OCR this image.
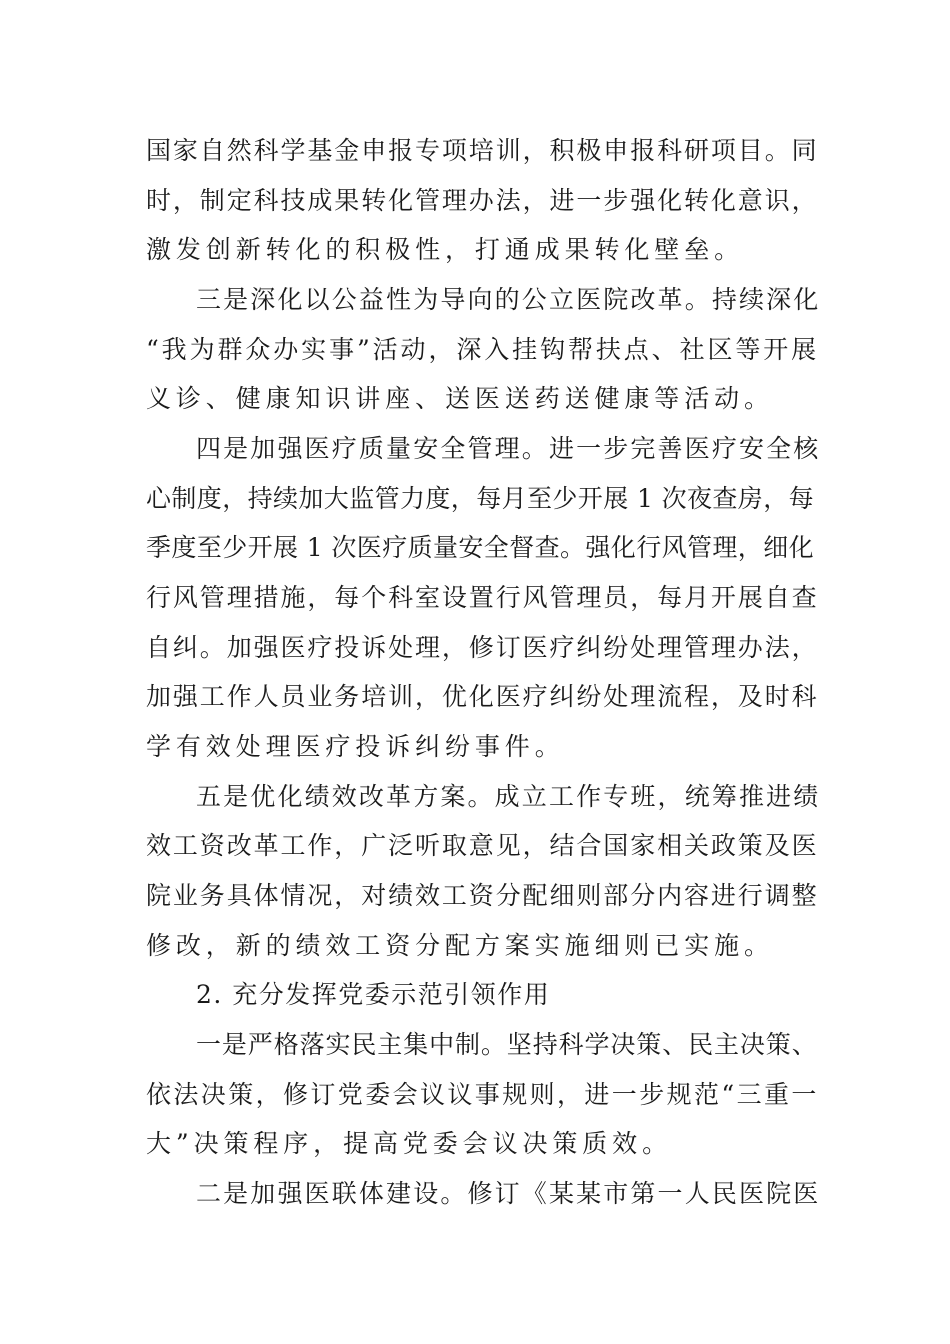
国家自然科学基金申报专项培训，积极申报科研项目。同
时，制定科技成果转化管理办法，进一步强化转化意识，
激发创新转化的积极性，打通成果转化壁垒。
三是深化以公益性为导向的公立医院改革。持续深化
“我为群众办实事”活动，深入挂钩帮扶点、社区等开展
义诊、健康知识讲座、送医送药送健康等活动。
四是加强医疗质量安全管理。进一步完善医疗安全核
心制度，持续加大监管力度，每月至少开展 1 次夜查房，每
季度至少开展 1 次医疗质量安全督查。强化行风管理，细化
行风管理措施，每个科室设置行风管理员，每月开展自查
自纠。加强医疗投诉处理，修订医疗纠纷处理管理办法，
加强工作人员业务培训，优化医疗纠纷处理流程，及时科
学有效处理医疗投诉纠纷事件。
五是优化绩效改革方案。成立工作专班，统筹推进绩
效工资改革工作，广泛听取意见，结合国家相关政策及医
院业务具体情况，对绩效工资分配细则部分内容进行调整
修改，新的绩效工资分配方案实施细则已实施。
2. 充分发挥党委示范引领作用
一是严格落实民主集中制。坚持科学决策、民主决策、
依法决策，修订党委会议议事规则，进一步规范“三重一
大”决策程序，提高党委会议决策质效。
二是加强医联体建设。修订《某某市第一人民医院医
